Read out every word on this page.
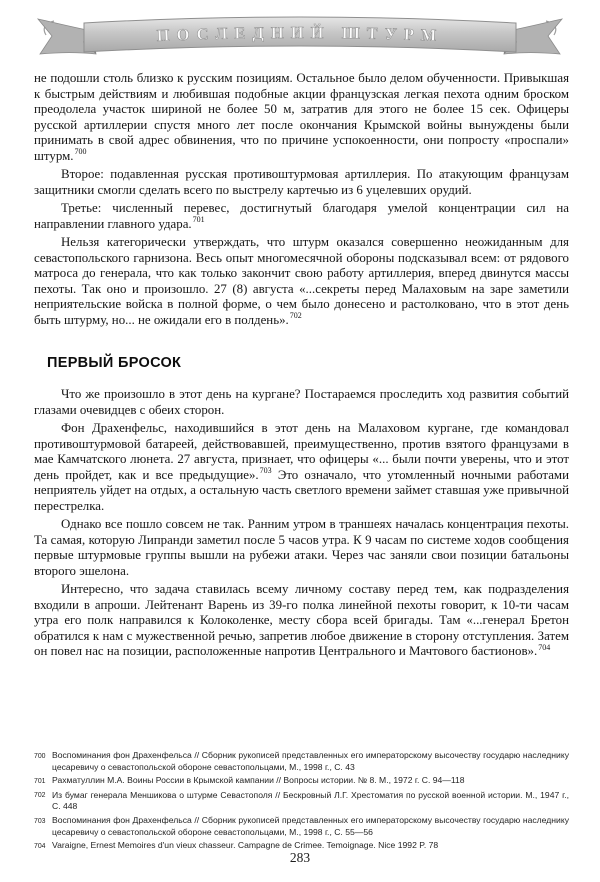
ПОСЛЕДНИЙ ШТУРМ

не подошли столь близко к русским позициям. Остальное было делом обученности. Привыкшая к быстрым действиям и любившая подобные акции французская легкая пехота одним броском преодолела участок шириной не более 50 м, затратив для этого не более 15 сек. Офицеры русской артиллерии спустя много лет после окончания Крымской войны вынуждены были принимать в свой адрес обвинения, что по причине успокоенности, они попросту «проспали» штурм.$^{700}$

Второе: подавленная русская противоштурмовая артиллерия. По атакующим французам защитники смогли сделать всего по выстрелу картечью из 6 уцелевших орудий.

Третье: численный перевес, достигнутый благодаря умелой концентрации сил на направлении главного удара.$^{701}$

Нельзя категорически утверждать, что штурм оказался совершенно неожиданным для севастопольского гарнизона. Весь опыт многомесячной обороны подсказывал всем: от рядового матроса до генерала, что как только закончит свою работу артиллерия, вперед двинутся массы пехоты. Так оно и произошло. 27 (8) августа «...секреты перед Малаховым на заре заметили неприятельские войска в полной форме, о чем было донесено и растолковано, что в этот день быть штурму, но... не ожидали его в полдень».$^{702}$

ПЕРВЫЙ БРОСОК

Что же произошло в этот день на кургане? Постараемся проследить ход развития событий глазами очевидцев с обеих сторон.

Фон Драхенфельс, находившийся в этот день на Малаховом кургане, где командовал противоштурмовой батареей, действовавшей, преимущественно, против взятого французами в мае Камчатского люнета. 27 августа, признает, что офицеры «... были почти уверены, что и этот день пройдет, как и все предыдущие».$^{703}$ Это означало, что утомленный ночными работами неприятель уйдет на отдых, а остальную часть светлого времени займет ставшая уже привычной перестрелка.

Однако все пошло совсем не так. Ранним утром в траншеях началась концентрация пехоты. Та самая, которую Липранди заметил после 5 часов утра. К 9 часам по системе ходов сообщения первые штурмовые группы вышли на рубежи атаки. Через час заняли свои позиции батальоны второго эшелона.

Интересно, что задача ставилась всему личному составу перед тем, как подразделения входили в апроши. Лейтенант Варень из 39-го полка линейной пехоты говорит, к 10-ти часам утра его полк направился к Колоколенке, месту сбора всей бригады. Там «...генерал Бретон обратился к нам с мужественной речью, запретив любое движение в сторону отступления. Затем он повел нас на позиции, расположенные напротив Центрального и Мачтового бастионов».$^{704}$

700 Воспоминания фон Драхенфельса // Сборник рукописей представленных его императорскому высочеству государю наследнику цесаревичу о севастопольской обороне севастопольцами, М., 1998 г., С. 43
701 Рахматуллин М.А. Воины России в Крымской кампании // Вопросы истории. № 8. М., 1972 г. С. 94—118
702 Из бумаг генерала Меншикова о штурме Севастополя // Бескровный Л.Г. Хрестоматия по русской военной истории. М., 1947 г., С. 448
703 Воспоминания фон Драхенфельса // Сборник рукописей представленных его императорскому высочеству государю наследнику цесаревичу о севастопольской обороне севастопольцами, М., 1998 г., С. 55—56
704 Varaigne, Ernest Memoires d'un vieux chasseur. Campagne de Crimee. Temoignage. Nice 1992 P. 78
283
